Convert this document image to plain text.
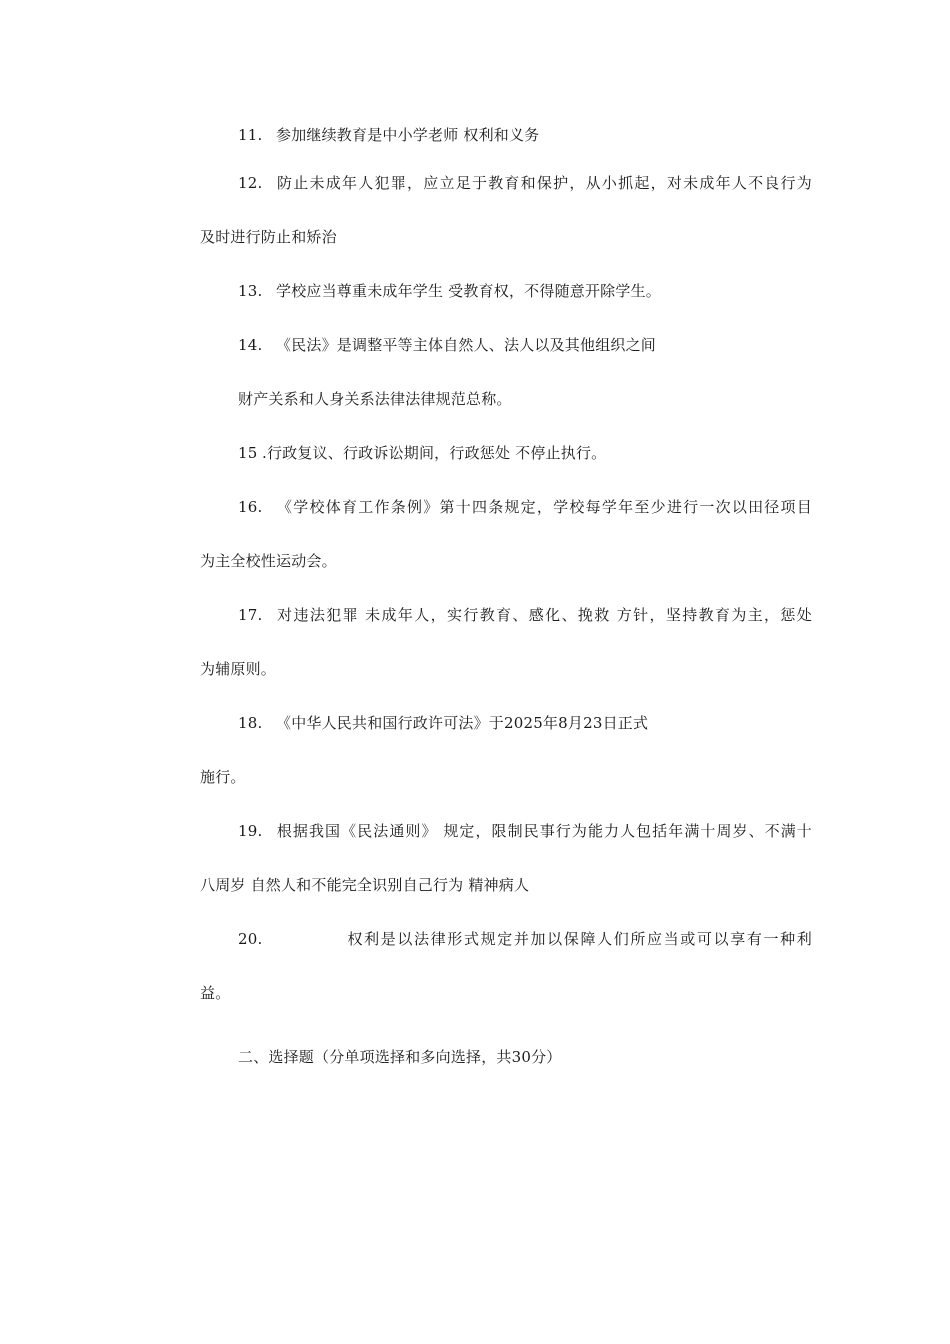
11. 参加继续教育是中小学老师 权利和义务
12. 防止未成年人犯罪，应立足于教育和保护，从小抓起，对未成年人不良行为
及时进行防止和矫治
13. 学校应当尊重未成年学生 受教育权，不得随意开除学生。
14. 《民法》是调整平等主体自然人、法人以及其他组织之间
财产关系和人身关系法律法律规范总称。
15 .行政复议、行政诉讼期间，行政惩处 不停止执行。
16. 《学校体育工作条例》第十四条规定，学校每学年至少进行一次以田径项目
为主全校性运动会。
17. 对违法犯罪 未成年人，实行教育、感化、挽救 方针，坚持教育为主，惩处
为辅原则。
18. 《中华人民共和国行政许可法》于2025年8月23日正式
施行。
19. 根据我国《民法通则》 规定，限制民事行为能力人包括年满十周岁、不满十
八周岁 自然人和不能完全识别自己行为 精神病人
20.	权利是以法律形式规定并加以保障人们所应当或可以享有一种利
益。
二、选择题（分单项选择和多向选择，共30分）
